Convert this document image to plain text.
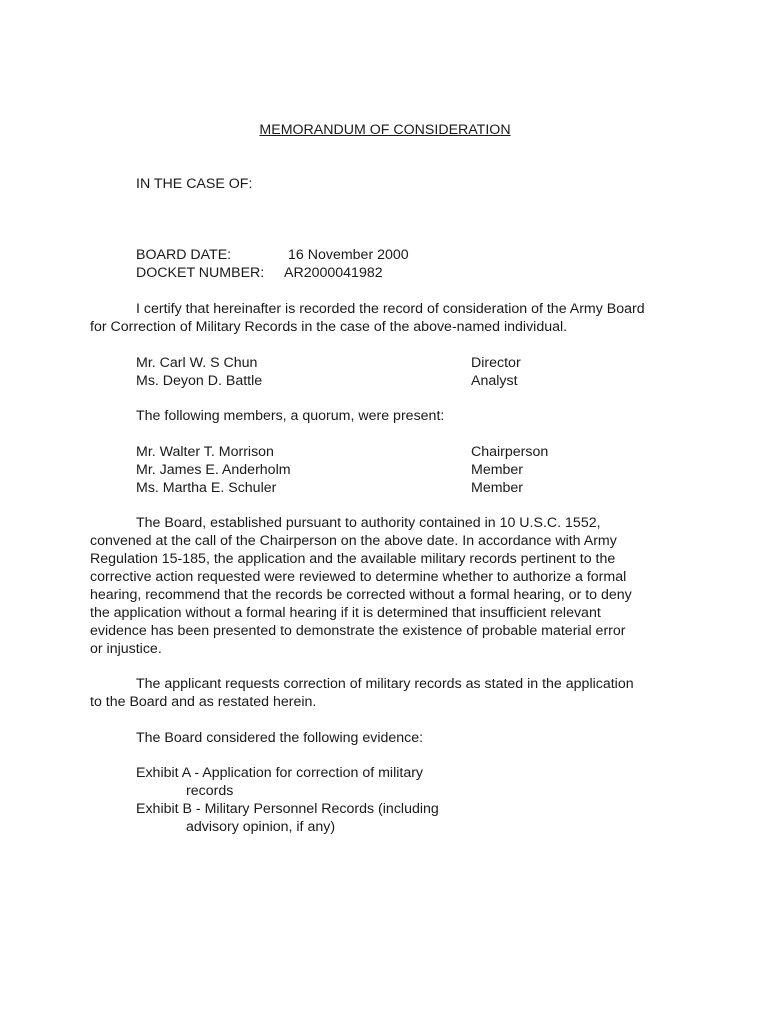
MEMORANDUM OF CONSIDERATION
IN THE CASE OF:
BOARD DATE:	16 November 2000
DOCKET NUMBER: AR2000041982
I certify that hereinafter is recorded the record of consideration of the Army Board
for Correction of Military Records in the case of the above-named individual.
Mr. Carl W. S Chun	Director
Ms. Deyon D. Battle	Analyst
The following members, a quorum, were present:
Mr. Walter T. Morrison	Chairperson
Mr. James E. Anderholm	Member
Ms. Martha E. Schuler	Member
The Board, established pursuant to authority contained in 10 U.S.C. 1552,
convened at the call of the Chairperson on the above date. In accordance with Army
Regulation 15-185, the application and the available military records pertinent to the
corrective action requested were reviewed to determine whether to authorize a formal
hearing, recommend that the records be corrected without a formal hearing, or to deny
the application without a formal hearing if it is determined that insufficient relevant
evidence has been presented to demonstrate the existence of probable material error
or injustice.
The applicant requests correction of military records as stated in the application
to the Board and as restated herein.
The Board considered the following evidence:
Exhibit A - Application for correction of military
records
Exhibit B - Military Personnel Records (including
advisory opinion, if any)
